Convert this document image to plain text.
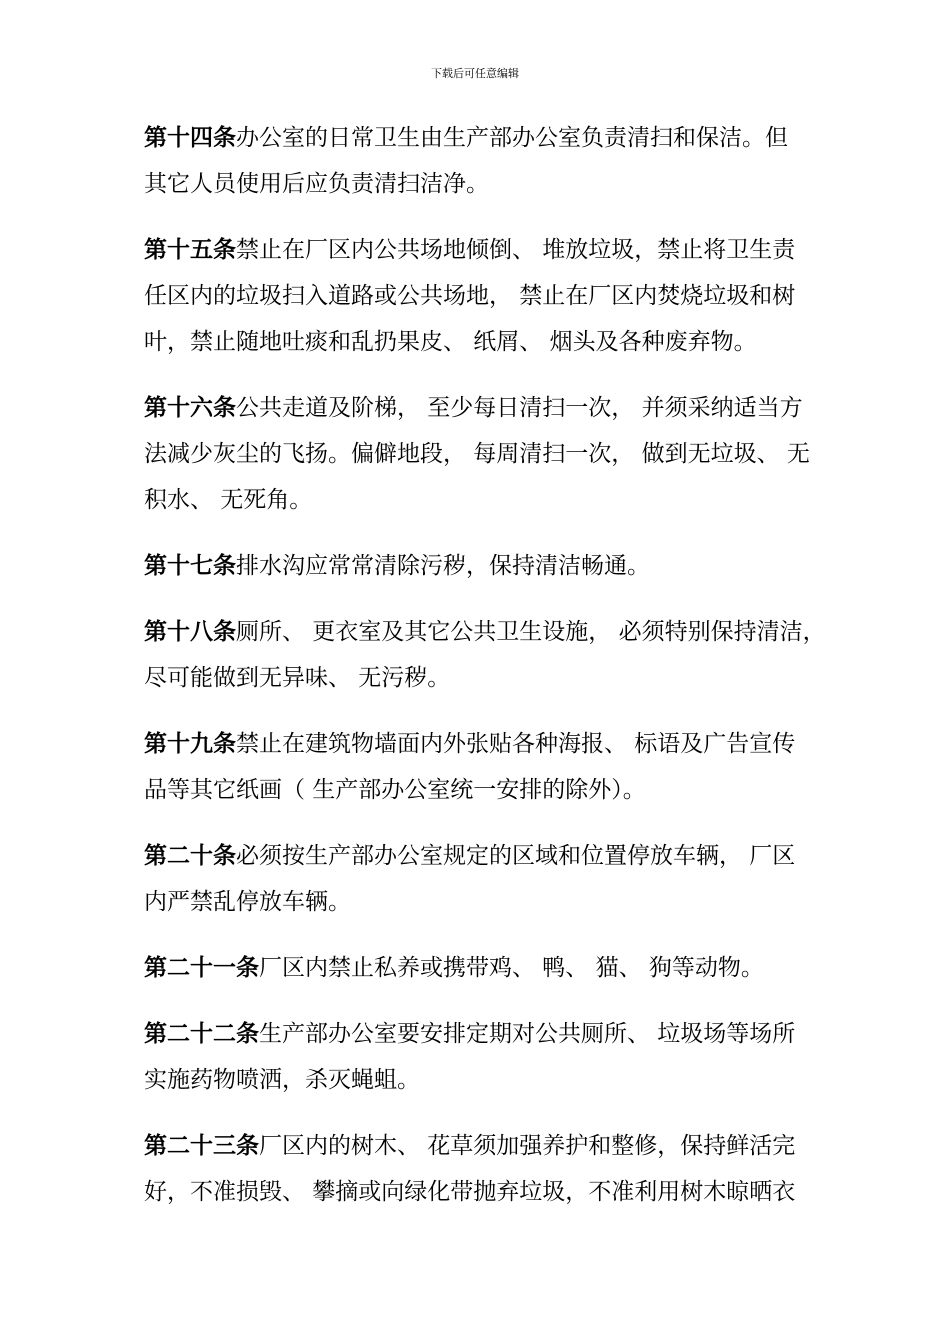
下载后可任意编辑

第十四条办公室的日常卫生由生产部办公室负责清扫和保洁。但
其它人员使用后应负责清扫洁净。

第十五条禁止在厂区内公共场地倾倒、 堆放垃圾，禁止将卫生责
任区内的垃圾扫入道路或公共场地， 禁止在厂区内焚烧垃圾和树
叶，禁止随地吐痰和乱扔果皮、 纸屑、 烟头及各种废弃物。

第十六条公共走道及阶梯， 至少每日清扫一次， 并须采纳适当方
法减少灰尘的飞扬。偏僻地段， 每周清扫一次， 做到无垃圾、 无
积水、 无死角。

第十七条排水沟应常常清除污秽，保持清洁畅通。

第十八条厕所、 更衣室及其它公共卫生设施， 必须特别保持清洁，
尽可能做到无异味、 无污秽。

第十九条禁止在建筑物墙面内外张贴各种海报、 标语及广告宣传
品等其它纸画（ 生产部办公室统一安排的除外）。

第二十条必须按生产部办公室规定的区域和位置停放车辆， 厂区
内严禁乱停放车辆。

第二十一条厂区内禁止私养或携带鸡、 鸭、 猫、 狗等动物。

第二十二条生产部办公室要安排定期对公共厕所、 垃圾场等场所
实施药物喷洒，杀灭蝇蛆。

第二十三条厂区内的树木、 花草须加强养护和整修，保持鲜活完
好，不准损毁、 攀摘或向绿化带抛弃垃圾，不准利用树木晾晒衣
